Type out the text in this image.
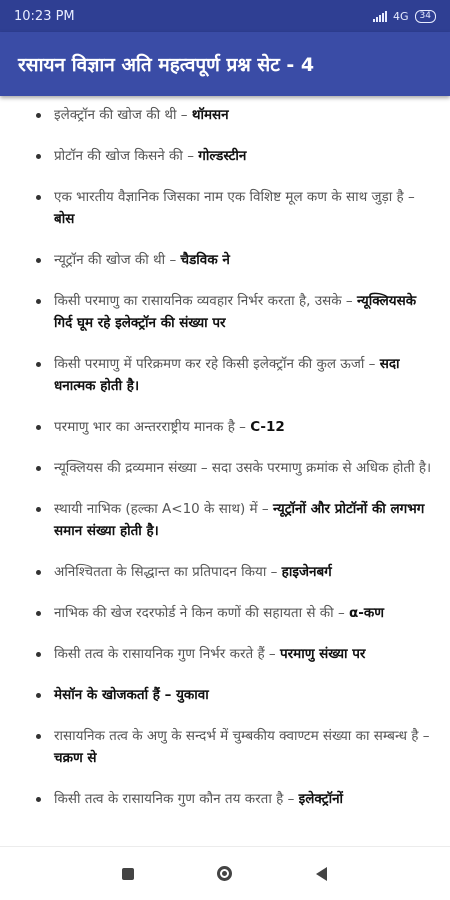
10:23 PM	4G	34
रसायन विज्ञान अति महत्वपूर्ण प्रश्न सेट - 4
इलेक्ट्रॉन की खोज की थी – थॉमसन
प्रोटॉन की खोज किसने की – गोल्डस्टीन
एक भारतीय वैज्ञानिक जिसका नाम एक विशिष्ट मूल कण के साथ जुड़ा है – बोस
न्यूट्रॉन की खोज की थी – चैडविक ने
किसी परमाणु का रासायनिक व्यवहार निर्भर करता है, उसके – न्यूक्लियसके गिर्द घूम रहे इलेक्ट्रॉन की संख्या पर
किसी परमाणु में परिक्रमण कर रहे किसी इलेक्ट्रॉन की कुल ऊर्जा – सदा धनात्मक होती है।
परमाणु भार का अन्तरराष्ट्रीय मानक है – C-12
न्यूक्लियस की द्रव्यमान संख्या – सदा उसके परमाणु क्रमांक से अधिक होती है।
स्थायी नाभिक (हल्का A<10 के साथ) में – न्यूट्रॉनों और प्रोटॉनों की लगभग समान संख्या होती है।
अनिश्चितता के सिद्धान्त का प्रतिपादन किया – हाइजेनबर्ग
नाभिक की खेज रदरफोर्ड ने किन कणों की सहायता से की – α-कण
किसी तत्व के रासायनिक गुण निर्भर करते हैं – परमाणु संख्या पर
मेसॉन के खोजकर्ता हैं – युकावा
रासायनिक तत्व के अणु के सन्दर्भ में चुम्बकीय क्वाण्टम संख्या का सम्बन्ध है – चक्रण से
किसी तत्व के रासायनिक गुण कौन तय करता है – इलेक्ट्रॉनों
